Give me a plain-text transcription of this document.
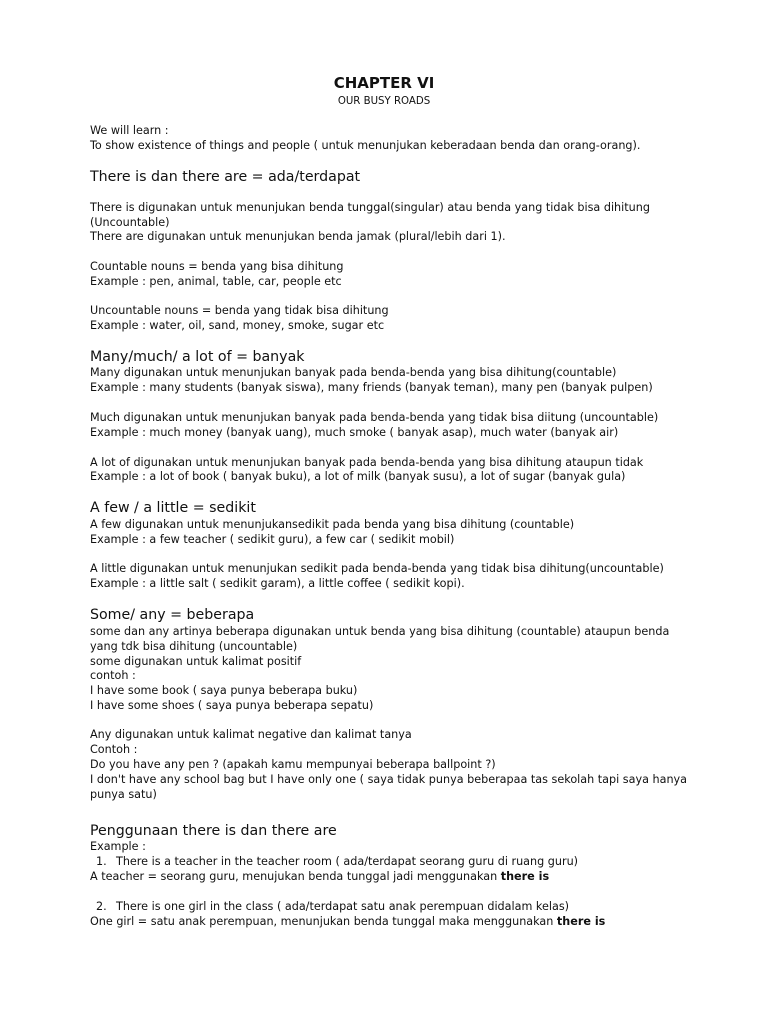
CHAPTER VI
OUR BUSY ROADS
We will learn :
To show existence of things and people ( untuk menunjukan keberadaan benda dan orang-orang).
There is dan there are = ada/terdapat
There is digunakan untuk menunjukan benda tunggal(singular) atau benda yang tidak bisa dihitung
(Uncountable)
There are digunakan untuk menunjukan benda jamak (plural/lebih dari 1).
Countable nouns = benda yang bisa dihitung
Example : pen, animal, table, car, people etc
Uncountable nouns = benda yang tidak bisa dihitung
Example : water, oil, sand, money, smoke, sugar etc
Many/much/ a lot of = banyak
Many digunakan untuk menunjukan banyak pada benda-benda yang bisa dihitung(countable)
Example : many students (banyak siswa), many friends (banyak teman), many pen (banyak pulpen)
Much digunakan untuk menunjukan banyak pada benda-benda yang tidak bisa diitung (uncountable)
Example : much money (banyak uang), much smoke ( banyak asap), much water (banyak air)
A lot of digunakan untuk menunjukan banyak pada benda-benda yang bisa dihitung ataupun tidak
Example : a lot of book ( banyak buku), a lot of milk (banyak susu), a lot of sugar (banyak gula)
A few / a little = sedikit
A few digunakan untuk menunjukansedikit pada benda yang bisa dihitung (countable)
Example : a few teacher ( sedikit guru), a few car ( sedikit mobil)
A little digunakan untuk menunjukan sedikit pada benda-benda yang tidak bisa dihitung(uncountable)
Example : a little salt ( sedikit garam), a little coffee ( sedikit kopi).
Some/ any = beberapa
some dan any artinya beberapa digunakan untuk benda yang bisa dihitung (countable) ataupun benda
yang tdk bisa dihitung (uncountable)
some digunakan untuk kalimat positif
contoh :
I have some book ( saya punya beberapa buku)
I have some shoes ( saya punya beberapa sepatu)
Any digunakan untuk kalimat negative dan kalimat tanya
Contoh :
Do you have any pen ? (apakah kamu mempunyai beberapa ballpoint ?)
I don't have any school bag but I have only one ( saya tidak punya beberapaa tas sekolah tapi saya hanya
punya satu)
Penggunaan there is dan there are
Example :
1. There is a teacher in the teacher room ( ada/terdapat seorang guru di ruang guru)
A teacher = seorang guru, menujukan benda tunggal jadi menggunakan there is
2. There is one girl in the class ( ada/terdapat satu anak perempuan didalam kelas)
One girl = satu anak perempuan, menunjukan benda tunggal maka menggunakan there is
